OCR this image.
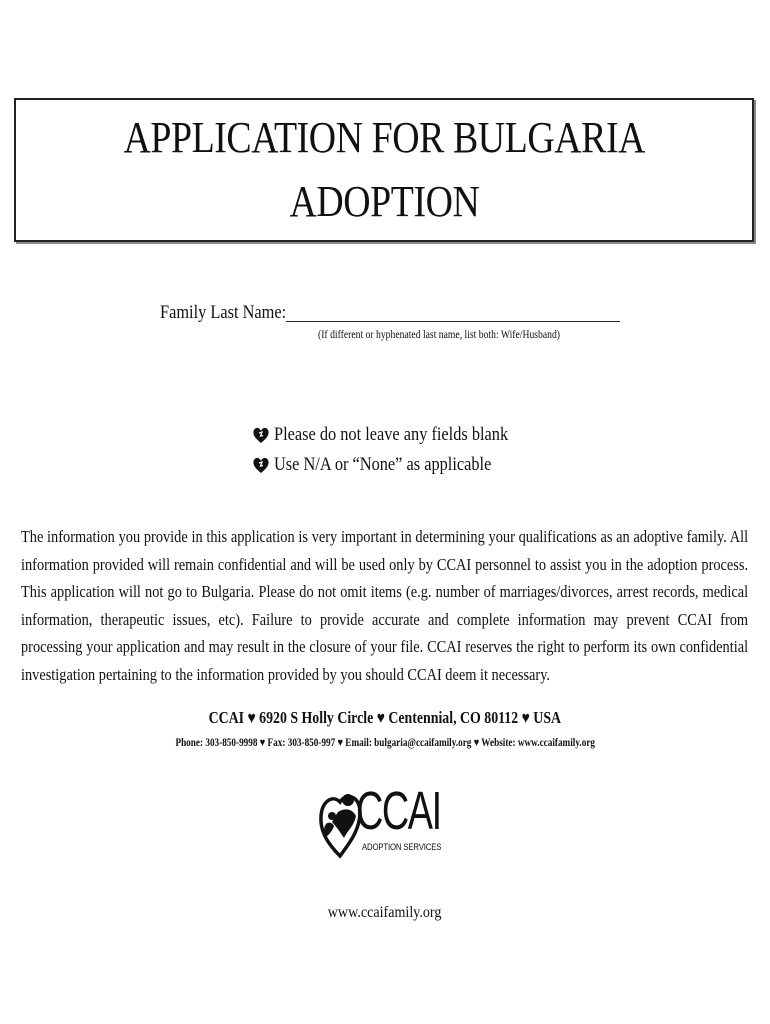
APPLICATION FOR BULGARIA
ADOPTION
Family Last Name:
(If different or hyphenated last name, list both: Wife/Husband)
Please do not leave any fields blank
Use N/A or “None” as applicable
The information you provide in this application is very important in determining your qualifications as an adoptive family. All information provided will remain confidential and will be used only by CCAI personnel to assist you in the adoption process. This application will not go to Bulgaria. Please do not omit items (e.g. number of marriages/divorces, arrest records, medical information, therapeutic issues, etc). Failure to provide accurate and complete information may prevent CCAI from processing your application and may result in the closure of your file. CCAI reserves the right to perform its own confidential investigation pertaining to the information provided by you should CCAI deem it necessary.
CCAI ♥ 6920 S Holly Circle ♥ Centennial, CO 80112 ♥ USA
Phone: 303-850-9998 ♥ Fax: 303-850-997 ♥ Email: bulgaria@ccaifamily.org ♥ Website: www.ccaifamily.org
CCAI
ADOPTION SERVICES
www.ccaifamily.org
